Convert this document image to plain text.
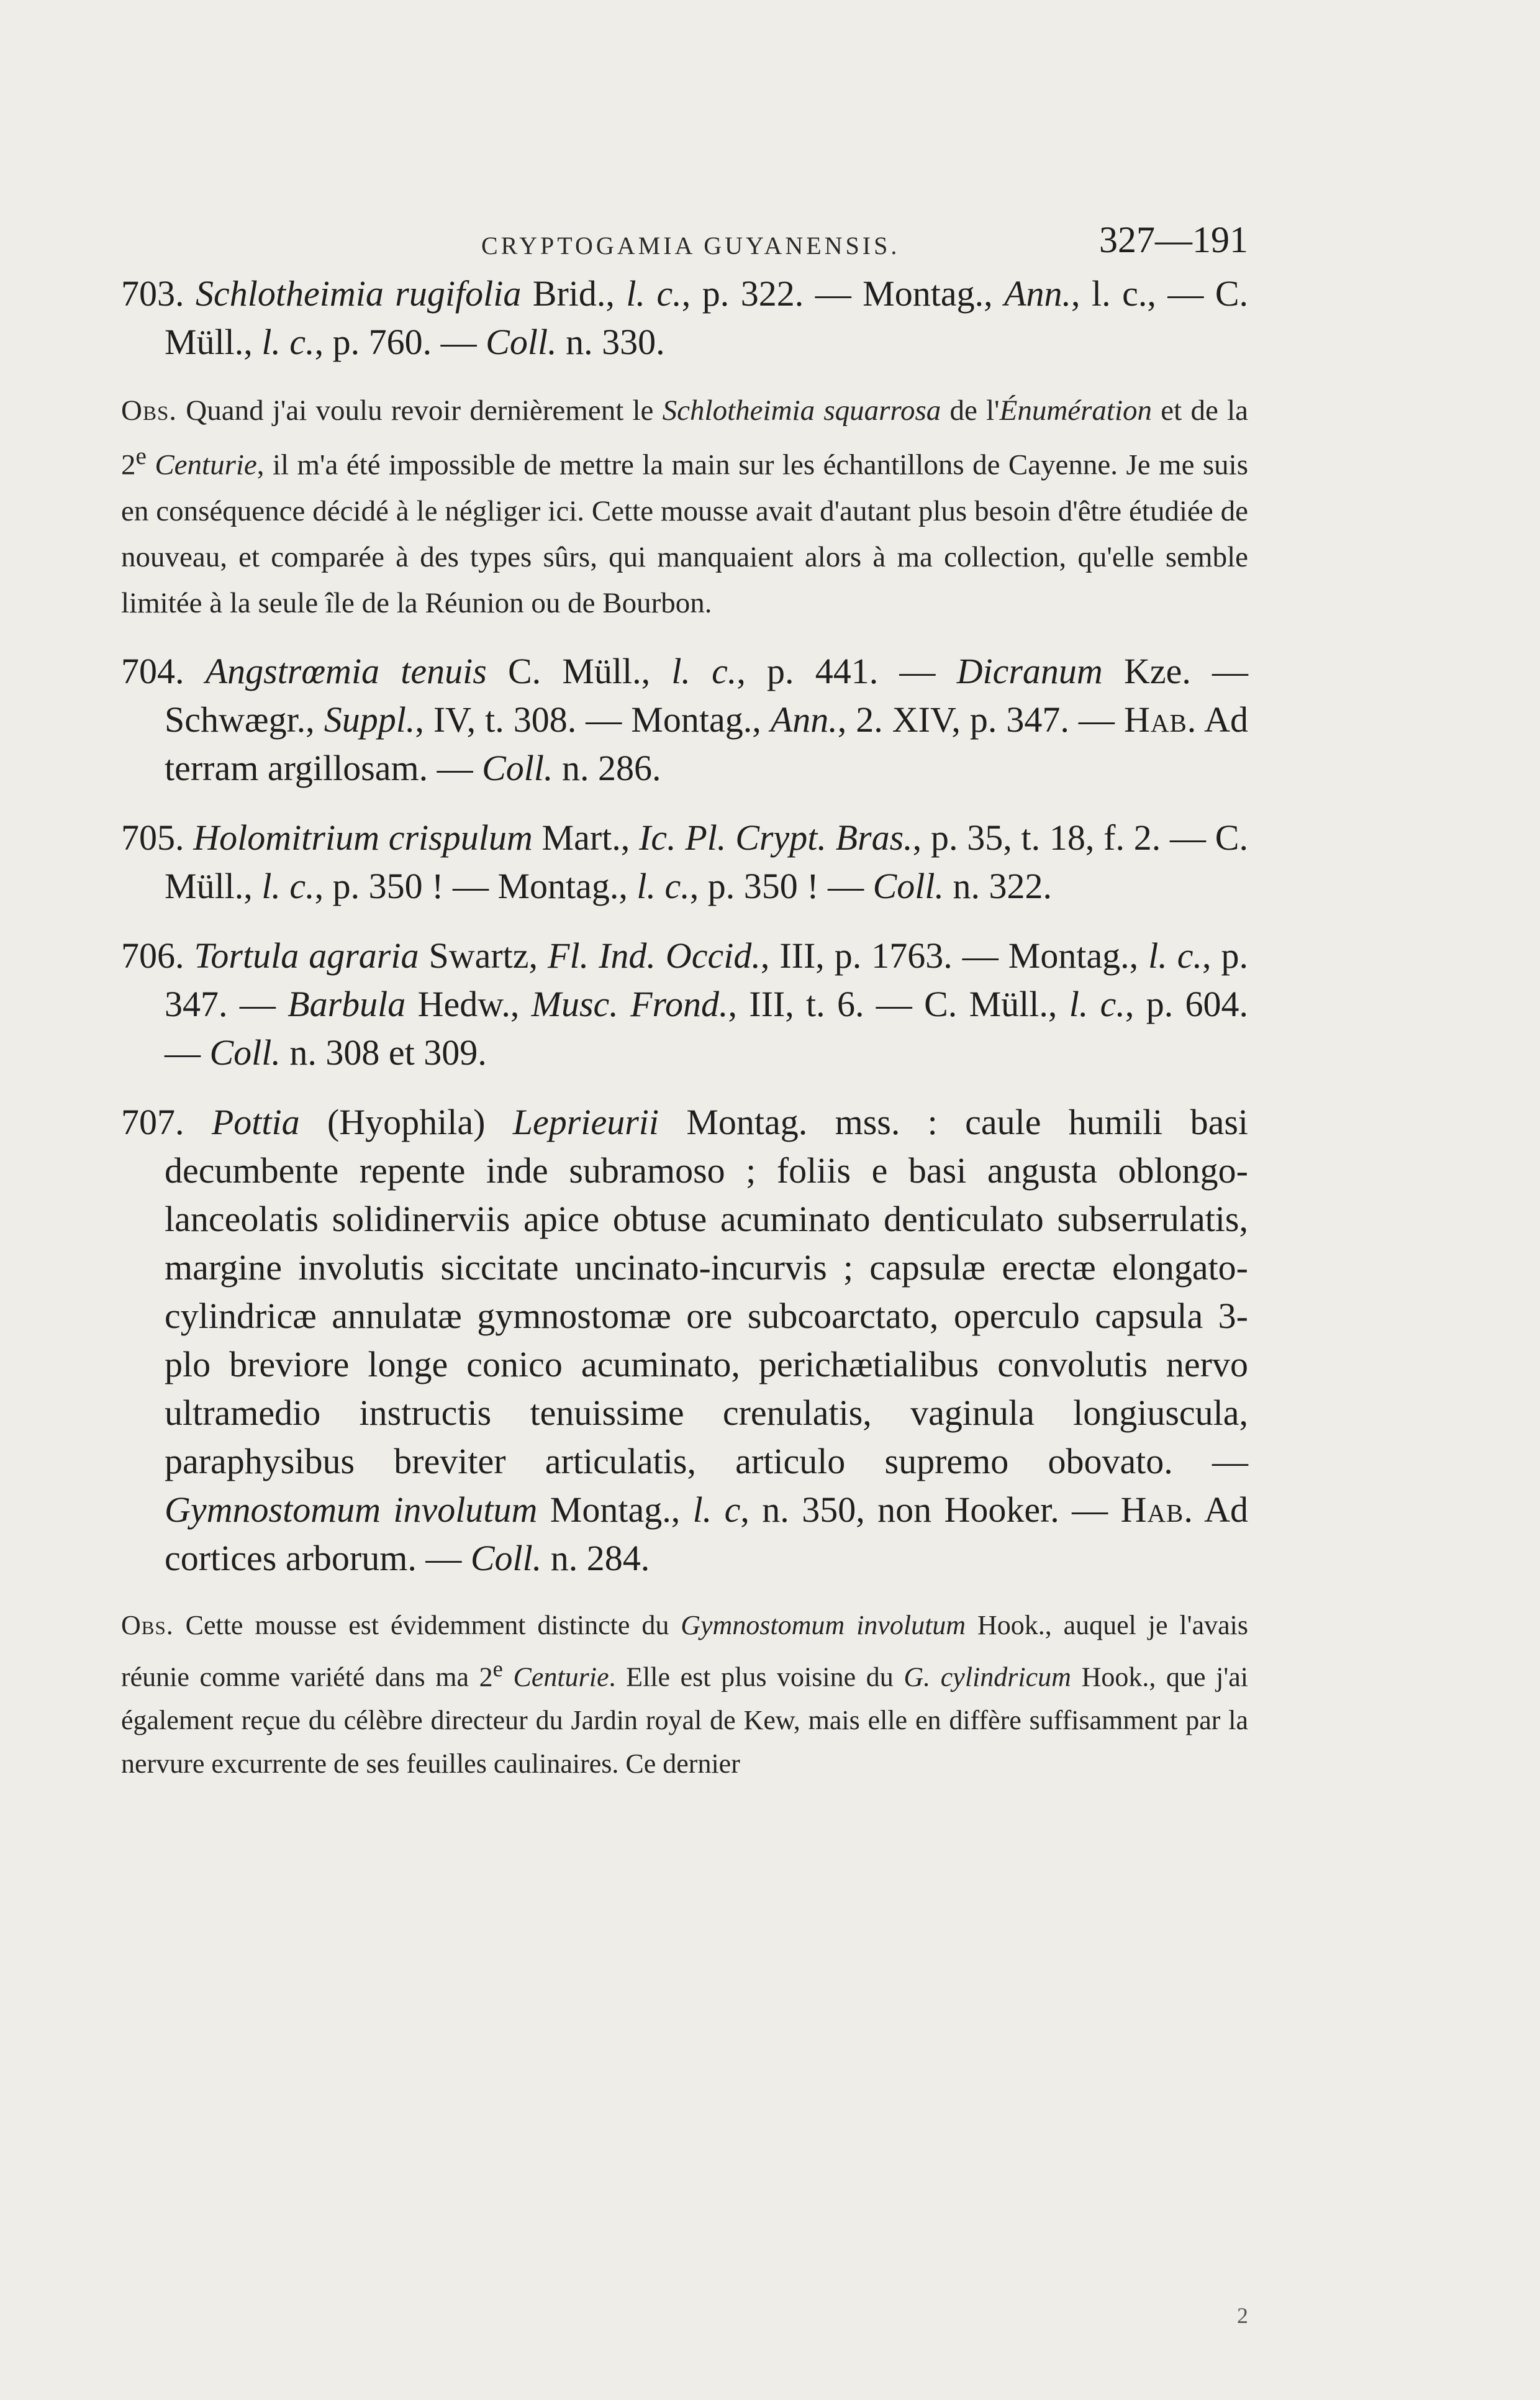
CRYPTOGAMIA GUYANENSIS.	327—191

703. Schlotheimia rugifolia Brid., l. c., p. 322. — Montag., Ann., l. c., — C. Müll., l. c., p. 760. — Coll. n. 330.

Obs. Quand j'ai voulu revoir dernièrement le Schlotheimia squarrosa de l'Énumération et de la 2e Centurie, il m'a été impossible de mettre la main sur les échantillons de Cayenne. Je me suis en conséquence décidé à le négliger ici. Cette mousse avait d'autant plus besoin d'être étudiée de nouveau, et comparée à des types sûrs, qui manquaient alors à ma collection, qu'elle semble limitée à la seule île de la Réunion ou de Bourbon.

704. Angstrœmia tenuis C. Müll., l. c., p. 441. — Dicranum Kze. — Schwægr., Suppl., IV, t. 308. — Montag., Ann., 2. XIV, p. 347. — Hab. Ad terram argillosam. — Coll. n. 286.

705. Holomitrium crispulum Mart., Ic. Pl. Crypt. Bras., p. 35, t. 18, f. 2. — C. Müll., l. c., p. 350 ! — Montag., l. c., p. 350 ! — Coll. n. 322.

706. Tortula agraria Swartz, Fl. Ind. Occid., III, p. 1763. — Montag., l. c., p. 347. — Barbula Hedw., Musc. Frond., III, t. 6. — C. Müll., l. c., p. 604. — Coll. n. 308 et 309.

707. Pottia (Hyophila) Leprieurii Montag. mss. : caule humili basi decumbente repente inde subramoso ; foliis e basi angusta oblongo-lanceolatis solidinerviis apice obtuse acuminato denticulato subserrulatis, margine involutis siccitate uncinato-incurvis ; capsulæ erectæ elongato-cylindricæ annulatæ gymnostomæ ore subcoarctato, operculo capsula 3-plo breviore longe conico acuminato, perichætialibus convolutis nervo ultramedio instructis tenuissime crenulatis, vaginula longiuscula, paraphysibus breviter articulatis, articulo supremo obovato. — Gymnostomum involutum Montag., l. c, n. 350, non Hooker. — Hab. Ad cortices arborum. — Coll. n. 284.

Obs. Cette mousse est évidemment distincte du Gymnostomum involutum Hook., auquel je l'avais réunie comme variété dans ma 2e Centurie. Elle est plus voisine du G. cylindricum Hook., que j'ai également reçue du célèbre directeur du Jardin royal de Kew, mais elle en diffère suffisamment par la nervure excurrente de ses feuilles caulinaires. Ce dernier

2
